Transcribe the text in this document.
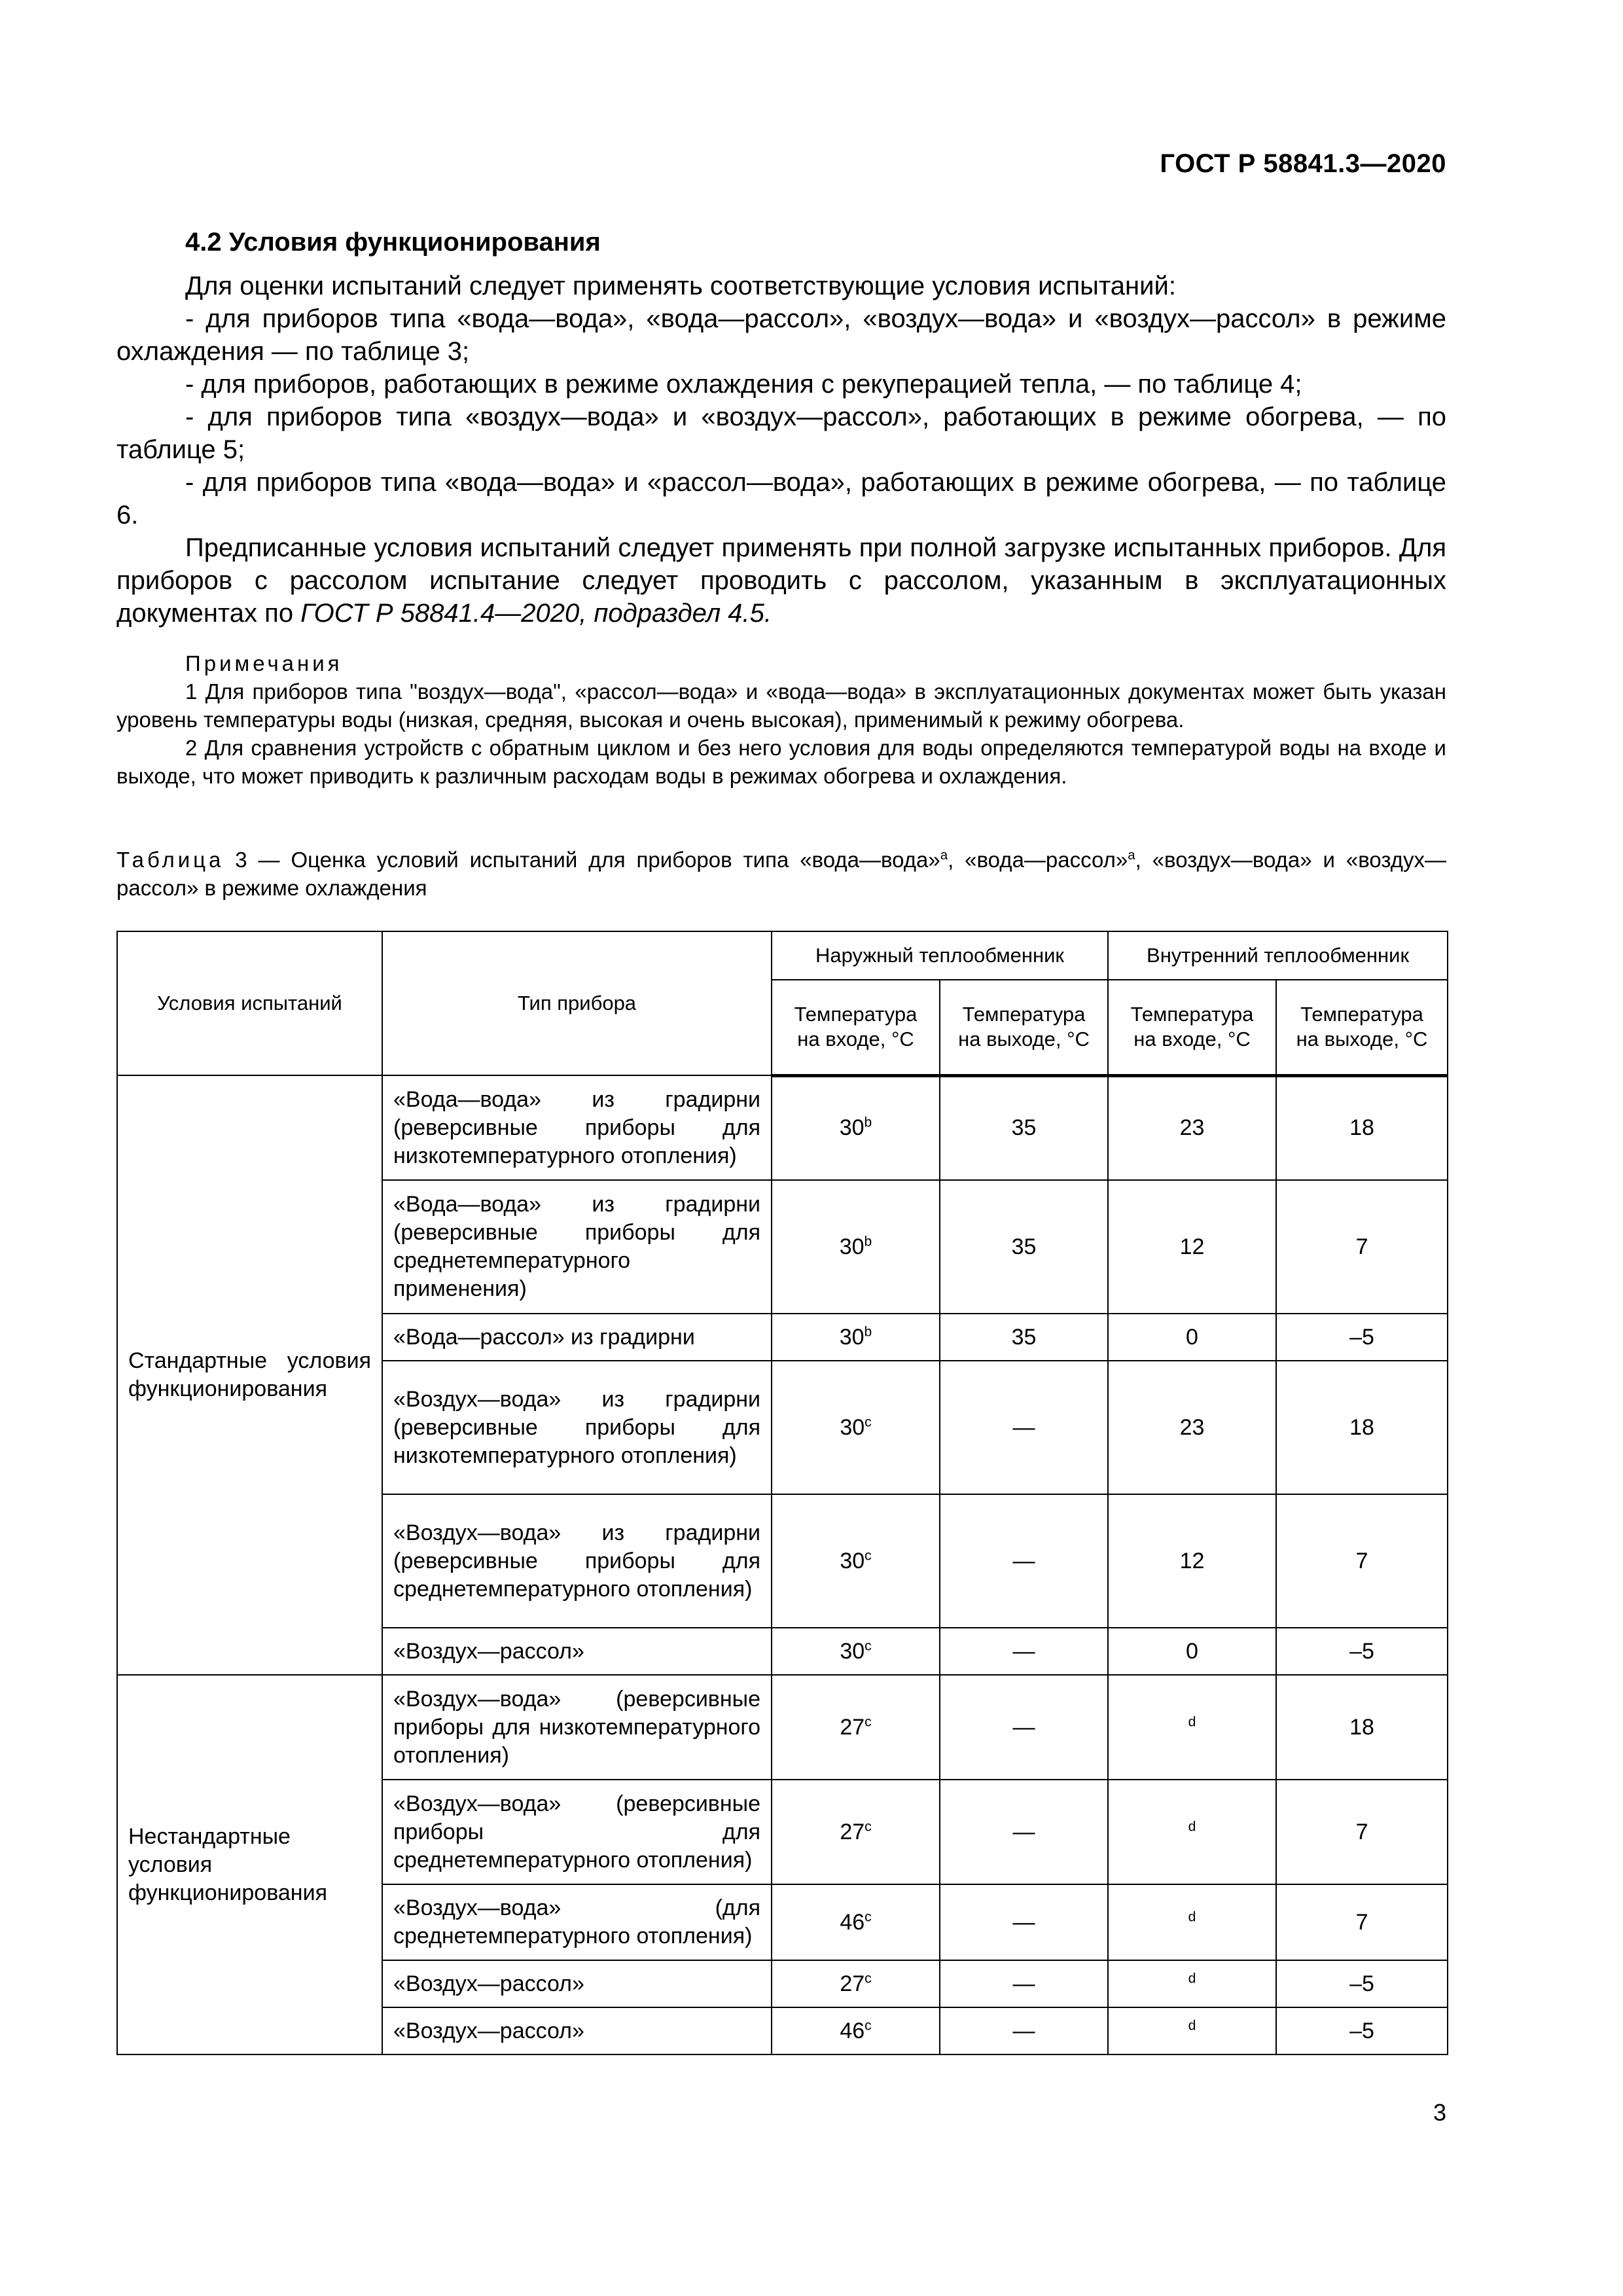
ГОСТ Р 58841.3—2020
4.2 Условия функционирования

Для оценки испытаний следует применять соответствующие условия испытаний:

- для приборов типа «вода—вода», «вода—рассол», «воздух—вода» и «воздух—рассол» в режиме охлаждения — по таблице 3;

- для приборов, работающих в режиме охлаждения с рекуперацией тепла, — по таблице 4;

- для приборов типа «воздух—вода» и «воздух—рассол», работающих в режиме обогрева, — по таблице 5;

- для приборов типа «вода—вода» и «рассол—вода», работающих в режиме обогрева, — по таблице 6.

Предписанные условия испытаний следует применять при полной загрузке испытанных приборов. Для приборов с рассолом испытание следует проводить с рассолом, указанным в эксплуатационных документах по ГОСТ Р 58841.4—2020, подраздел 4.5.

Примечания

1 Для приборов типа "воздух—вода", «рассол—вода» и «вода—вода» в эксплуатационных документах может быть указан уровень температуры воды (низкая, средняя, высокая и очень высокая), применимый к режиму обогрева.

2 Для сравнения устройств с обратным циклом и без него условия для воды определяются температурой воды на входе и выходе, что может приводить к различным расходам воды в режимах обогрева и охлаждения.

Таблица 3 — Оценка условий испытаний для приборов типа «вода—вода»$^a$, «вода—рассол»$^a$, «воздух—вода» и «воздух—рассол» в режиме охлаждения
Условия испытаний	Тип прибора	Наружный теплообменник		Внутренний теплообменник	
		Температура на входе, °C	Температура на выходе, °C	Температура на входе, °C	Температура на выходе, °C
Стандартные условия функционирования	«Вода—вода» из градирни (реверсивные приборы для низкотемпературного отопления)	30$^b$	35	23	18
	«Вода—вода» из градирни (реверсивные приборы для среднетемпературного применения)	30$^b$	35	12	7
	«Вода—рассол» из градирни	30$^b$	35	0	–5
	«Воздух—вода» из градирни (реверсивные приборы для низкотемпературного отопления)	30$^c$	—	23	18
	«Воздух—вода» из градирни (реверсивные приборы для среднетемпературного отопления)	30$^c$	—	12	7
	«Воздух—рассол»	30$^c$	—	0	–5
Нестандартные условия функционирования	«Воздух—вода» (реверсивные приборы для низкотемпературного отопления)	27$^c$	—	$^d$	18
	«Воздух—вода» (реверсивные приборы для среднетемпературного отопления)	27$^c$	—	$^d$	7
	«Воздух—вода» (для среднетемпературного отопления)	46$^c$	—	$^d$	7
	«Воздух—рассол»	27$^c$	—	$^d$	–5
	«Воздух—рассол»	46$^c$	—	$^d$	–5
3
